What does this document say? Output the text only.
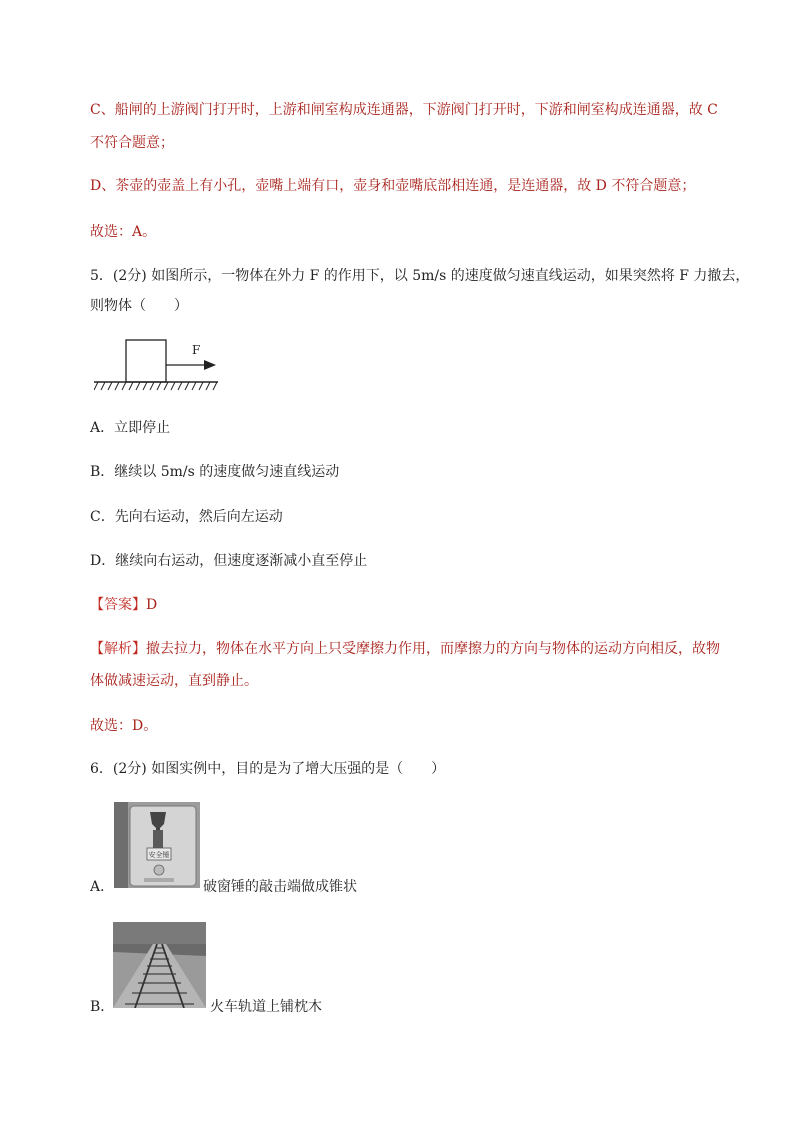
C、船闸的上游阀门打开时，上游和闸室构成连通器，下游阀门打开时，下游和闸室构成连通器，故 C
不符合题意；
D、茶壶的壶盖上有小孔，壶嘴上端有口，壶身和壶嘴底部相连通，是连通器，故 D 不符合题意；
故选：A。
5．(2分) 如图所示，一物体在外力 F 的作用下，以 5m/s 的速度做匀速直线运动，如果突然将 F 力撤去，
则物体（　　）
F
A．立即停止
B．继续以 5m/s 的速度做匀速直线运动
C．先向右运动，然后向左运动
D．继续向右运动，但速度逐渐减小直至停止
【答案】D
【解析】撤去拉力，物体在水平方向上只受摩擦力作用，而摩擦力的方向与物体的运动方向相反，故物
体做减速运动，直到静止。
故选：D。
6．(2分) 如图实例中，目的是为了增大压强的是（　　）
安全锤
A．	破窗锤的敲击端做成锥状
B．	火车轨道上铺枕木
